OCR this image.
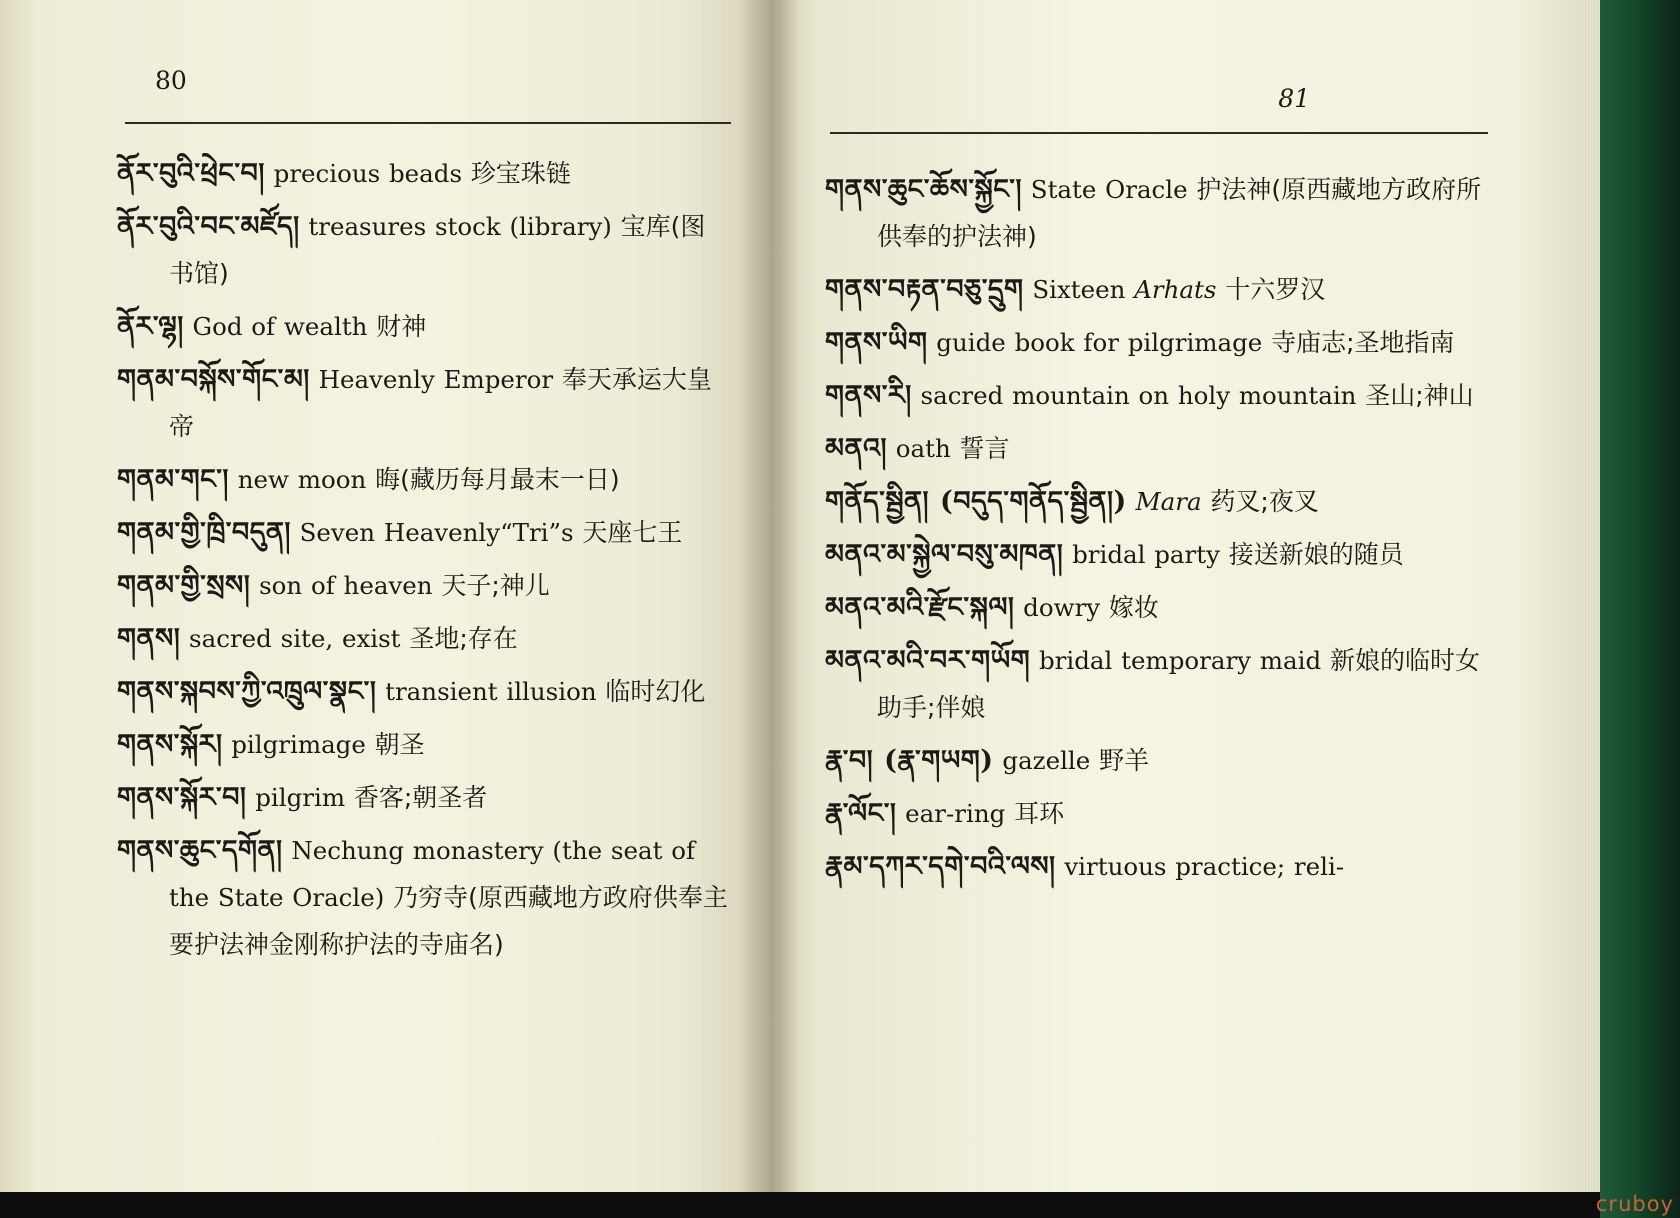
80
ནོར་བུའི་ཕྲེང་བ། precious beads 珍宝珠链
ནོར་བུའི་བང་མཛོད། treasures stock (library) 宝库(图书馆)
ནོར་ལྷ། God of wealth 财神
གནམ་བསྐོས་གོང་མ། Heavenly Emperor 奉天承运大皇帝
གནམ་གང་། new moon 晦(藏历每月最末一日)
གནམ་གྱི་ཁྲི་བདུན། Seven Heavenly“Tri”s 天座七王
གནམ་གྱི་སྲས། son of heaven 天子;神儿
གནས། sacred site, exist 圣地;存在
གནས་སྐབས་ཀྱི་འཁྲུལ་སྣང་། transient illusion 临时幻化
གནས་སྐོར། pilgrimage 朝圣
གནས་སྐོར་བ། pilgrim 香客;朝圣者
གནས་ཆུང་དགོན། Nechung monastery (the seat of the State Oracle) 乃穷寺(原西藏地方政府供奉主要护法神金刚称护法的寺庙名)
81
གནས་ཆུང་ཆོས་སྐྱོང་། State Oracle 护法神(原西藏地方政府所供奉的护法神)
གནས་བརྟན་བཅུ་དྲུག Sixteen Arhats 十六罗汉
གནས་ཡིག guide book for pilgrimage 寺庙志;圣地指南
གནས་རི། sacred mountain on holy mountain 圣山;神山
མནའ། oath 誓言
གནོད་སྦྱིན། (བདུད་གནོད་སྦྱིན།) Mara 药叉;夜叉
མནའ་མ་སྐྱེལ་བསུ་མཁན། bridal party 接送新娘的随员
མནའ་མའི་རྫོང་སྐལ། dowry 嫁妆
མནའ་མའི་བར་གཡོག bridal temporary maid 新娘的临时女助手;伴娘
རྣ་བ། (རྣ་གཡག) gazelle 野羊
རྣ་ལོང་། ear-ring 耳环
རྣམ་དཀར་དགེ་བའི་ལས། virtuous practice; reli-
cruboy
